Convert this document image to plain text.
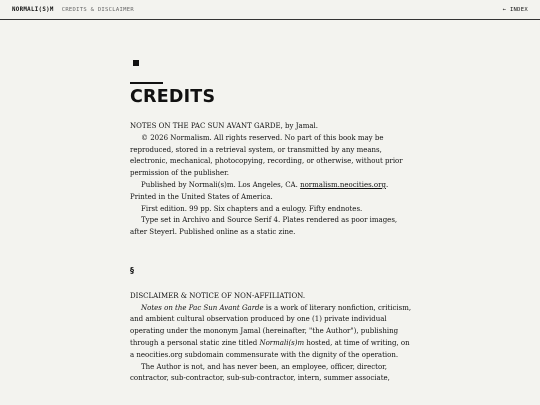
NORMALI(S)M CREDITS & DISCLAIMER	← INDEX
CREDITS

NOTES ON THE PAC SUN AVANT GARDE, by Jamal.

© 2026 Normalism. All rights reserved. No part of this book may be reproduced, stored in a retrieval system, or transmitted by any means, electronic, mechanical, photocopying, recording, or otherwise, without prior permission of the publisher.

Published by Normali(s)m. Los Angeles, CA. normalism.neocities.org. Printed in the United States of America.

First edition. 99 pp. Six chapters and a eulogy. Fifty endnotes.

Type set in Archivo and Source Serif 4. Plates rendered as poor images, after Steyerl. Published online as a static zine.

§

DISCLAIMER & NOTICE OF NON-AFFILIATION.

Notes on the Pac Sun Avant Garde is a work of literary nonfiction, criticism, and ambient cultural observation produced by one (1) private individual operating under the mononym Jamal (hereinafter, "the Author"), publishing through a personal static zine titled Normali(s)m hosted, at time of writing, on a neocities.org subdomain commensurate with the dignity of the operation.

The Author is not, and has never been, an employee, officer, director, contractor, sub-contractor, sub-sub-contractor, intern, summer associate,
